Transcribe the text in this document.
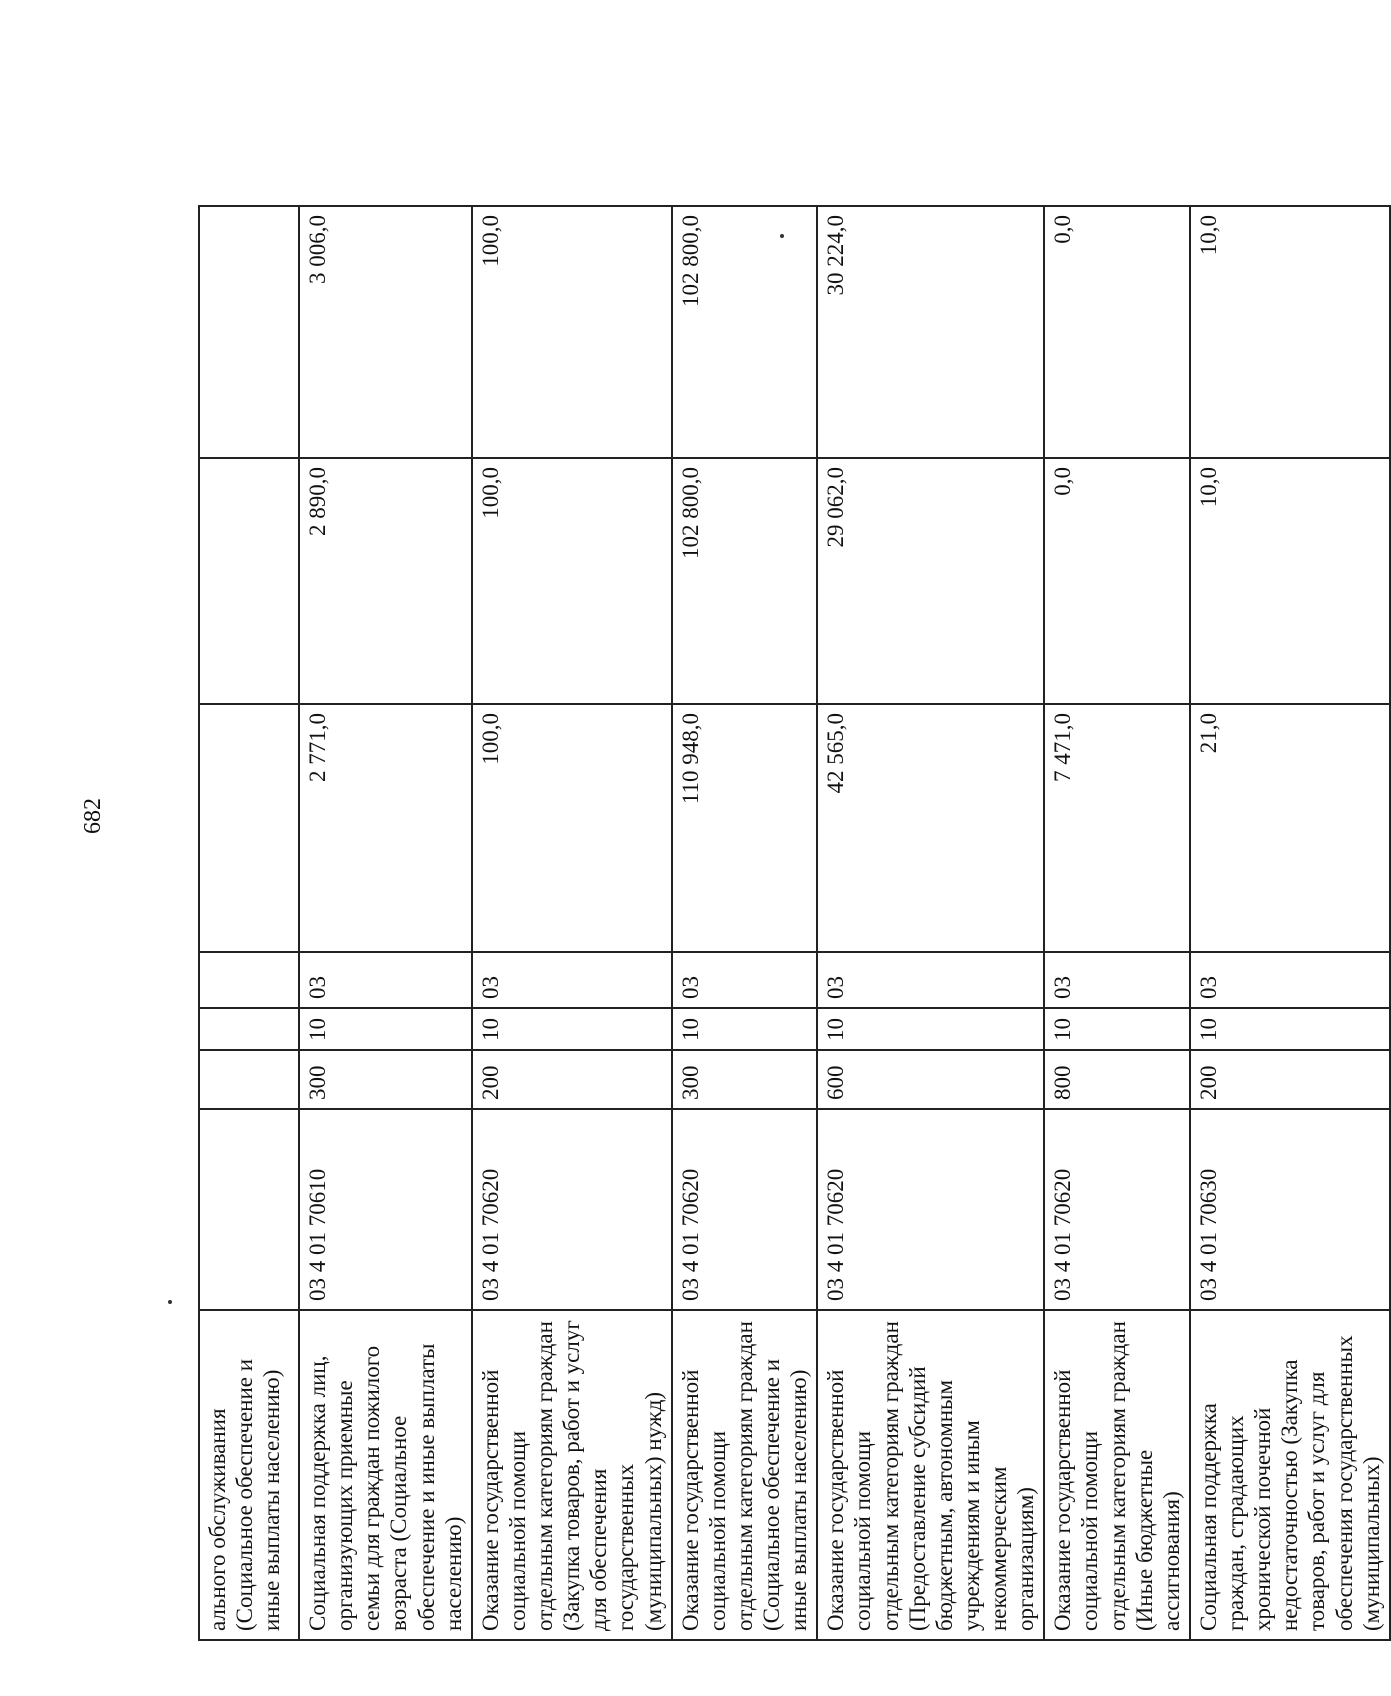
682
ального обслуживания (Социальное обеспечение и иные выплаты населению)							
Социальная поддержка лиц, организующих приемные семьи для граждан пожилого возраста (Социальное обеспечение и иные выплаты населению)	03 4 01 70610	300	10	03	2 771,0	2 890,0	3 006,0
Оказание государственной социальной помощи отдельным категориям граждан (Закупка товаров, работ и услуг для обеспечения государственных (муниципальных) нужд)	03 4 01 70620	200	10	03	100,0	100,0	100,0
Оказание государственной социальной помощи отдельным категориям граждан (Социальное обеспечение и иные выплаты населению)	03 4 01 70620	300	10	03	110 948,0	102 800,0	102 800,0
Оказание государственной социальной помощи отдельным категориям граждан (Предоставление субсидий бюджетным, автономным учреждениям и иным некоммерческим организациям)	03 4 01 70620	600	10	03	42 565,0	29 062,0	30 224,0
Оказание государственной социальной помощи отдельным категориям граждан (Иные бюджетные ассигнования)	03 4 01 70620	800	10	03	7 471,0	0,0	0,0
Социальная поддержка граждан, страдающих хронической почечной недостаточностью (Закупка товаров, работ и услуг для обеспечения государственных (муниципальных)	03 4 01 70630	200	10	03	21,0	10,0	10,0
